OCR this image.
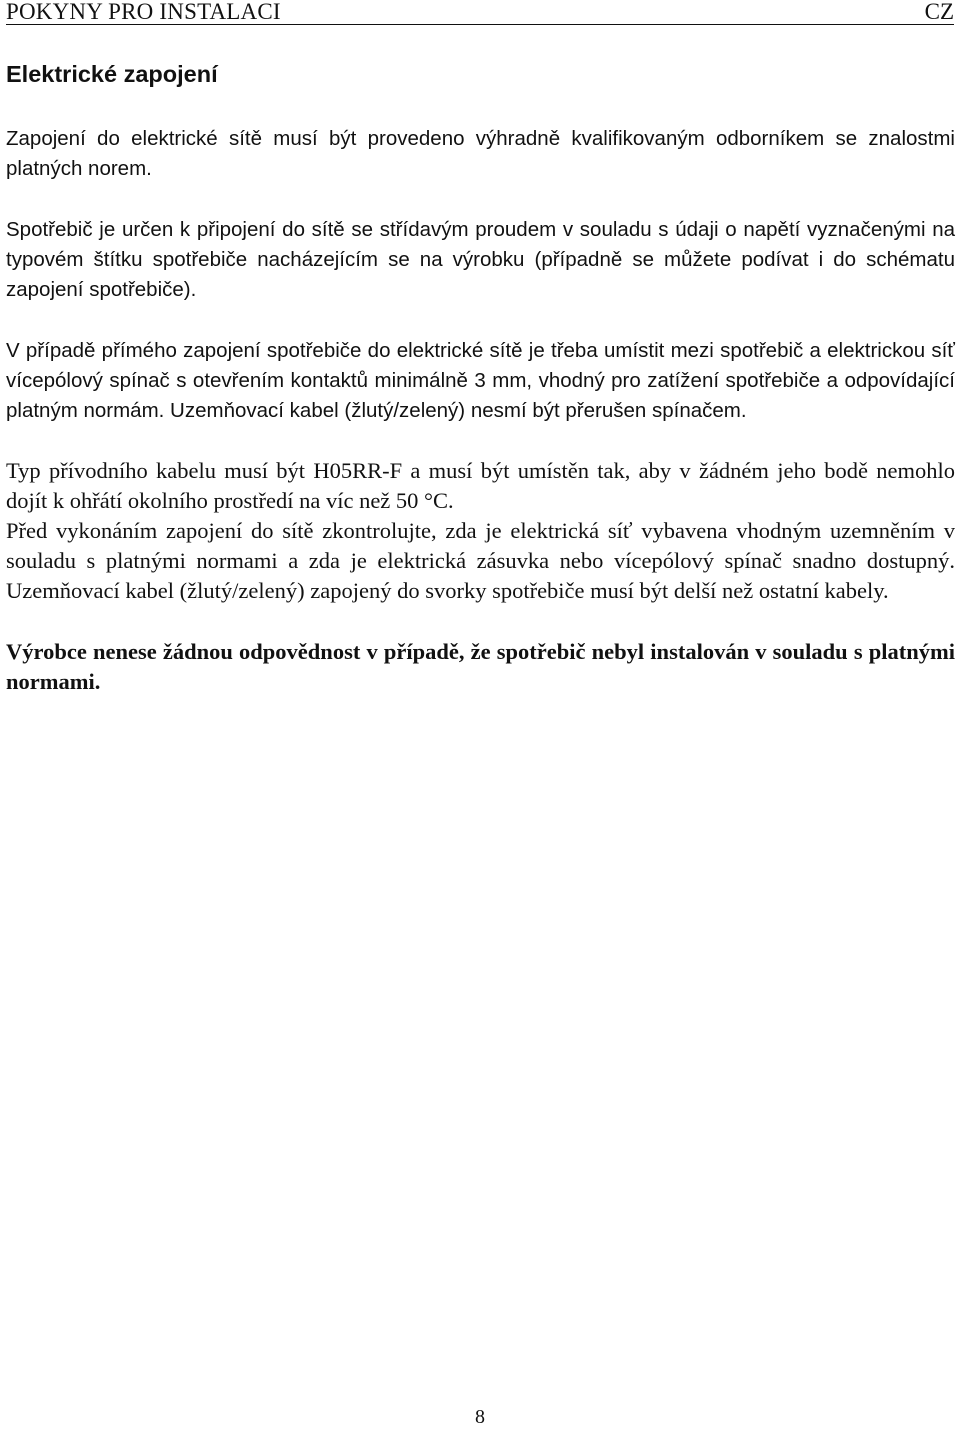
POKYNY PRO INSTALACI	CZ
Elektrické zapojení

Zapojení do elektrické sítě musí být provedeno výhradně kvalifikovaným odborníkem se znalostmi platných norem.

Spotřebič je určen k připojení do sítě se střídavým proudem v souladu s údaji o napětí vyznačenými na typovém štítku spotřebiče nacházejícím se na výrobku (případně se můžete podívat i do schématu zapojení spotřebiče).

V případě přímého zapojení spotřebiče do elektrické sítě je třeba umístit mezi spotřebič a elektrickou síť vícepólový spínač s otevřením kontaktů minimálně 3 mm, vhodný pro zatížení spotřebiče a odpovídající platným normám. Uzemňovací kabel (žlutý/zelený) nesmí být přerušen spínačem.

Typ přívodního kabelu musí být H05RR-F a musí být umístěn tak, aby v žádném jeho bodě nemohlo dojít k ohřátí okolního prostředí na víc než 50 °C.

Před vykonáním zapojení do sítě zkontrolujte, zda je elektrická síť vybavena vhodným uzemněním v souladu s platnými normami a zda je elektrická zásuvka nebo vícepólový spínač snadno dostupný. Uzemňovací kabel (žlutý/zelený) zapojený do svorky spotřebiče musí být delší než ostatní kabely.

Výrobce nenese žádnou odpovědnost v případě, že spotřebič nebyl instalován v souladu s platnými normami.

8
